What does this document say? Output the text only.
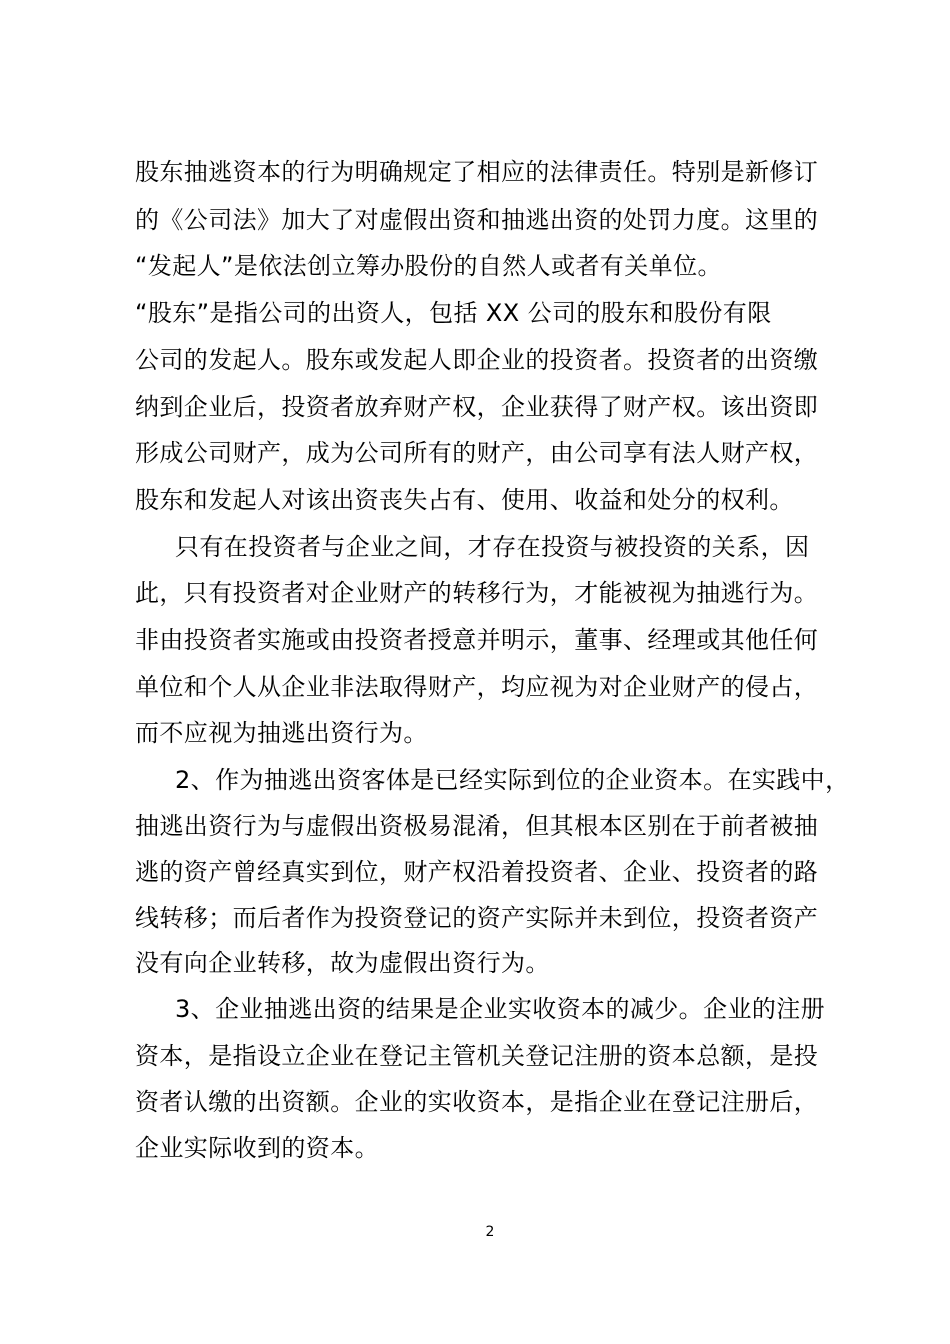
股东抽逃资本的行为明确规定了相应的法律责任。特别是新修订
的《公司法》加大了对虚假出资和抽逃出资的处罚力度。这里的
“发起人”是依法创立筹办股份的自然人或者有关单位。
“股东”是指公司的出资人，包括 XX 公司的股东和股份有限
公司的发起人。股东或发起人即企业的投资者。投资者的出资缴
纳到企业后，投资者放弃财产权，企业获得了财产权。该出资即
形成公司财产，成为公司所有的财产，由公司享有法人财产权，
股东和发起人对该出资丧失占有、使用、收益和处分的权利。
只有在投资者与企业之间，才存在投资与被投资的关系，因
此，只有投资者对企业财产的转移行为，才能被视为抽逃行为。
非由投资者实施或由投资者授意并明示，董事、经理或其他任何
单位和个人从企业非法取得财产，均应视为对企业财产的侵占，
而不应视为抽逃出资行为。
2、作为抽逃出资客体是已经实际到位的企业资本。在实践中，
抽逃出资行为与虚假出资极易混淆，但其根本区别在于前者被抽
逃的资产曾经真实到位，财产权沿着投资者、企业、投资者的路
线转移；而后者作为投资登记的资产实际并未到位，投资者资产
没有向企业转移，故为虚假出资行为。
3、企业抽逃出资的结果是企业实收资本的减少。企业的注册
资本，是指设立企业在登记主管机关登记注册的资本总额，是投
资者认缴的出资额。企业的实收资本，是指企业在登记注册后，
企业实际收到的资本。
2
